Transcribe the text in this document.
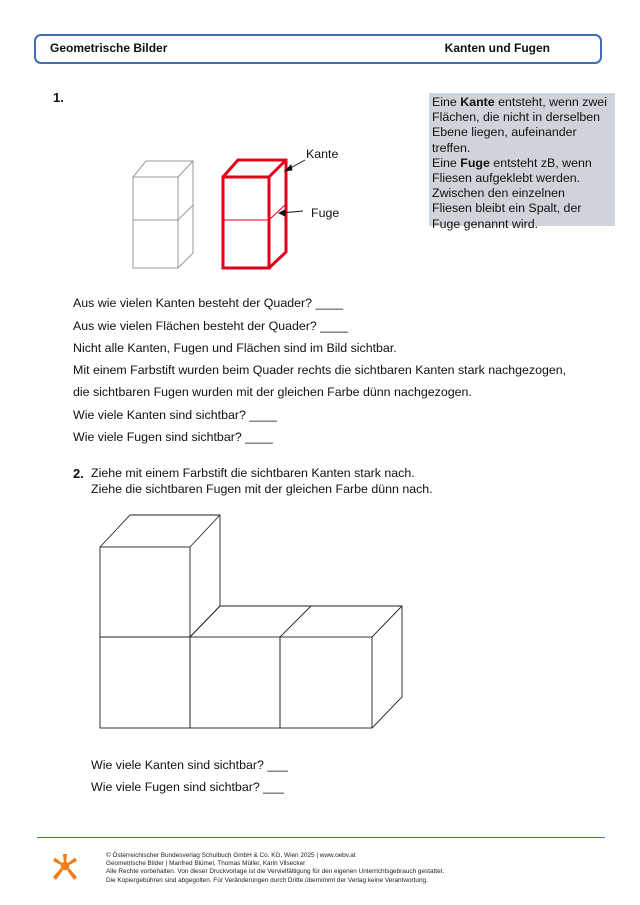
Geometrische Bilder	Kanten und Fugen
1.	Eine Kante entsteht, wenn zwei
Flächen, die nicht in derselben
Ebene liegen, aufeinander
treffen.
Eine Fuge entsteht zB, wenn
Fliesen aufgeklebt werden.
Zwischen den einzelnen
Fliesen bleibt ein Spalt, der
Fuge genannt wird.
Kante
Fuge
Aus wie vielen Kanten besteht der Quader? ____
Aus wie vielen Flächen besteht der Quader? ____
Nicht alle Kanten, Fugen und Flächen sind im Bild sichtbar.
Mit einem Farbstift wurden beim Quader rechts die sichtbaren Kanten stark nachgezogen,
die sichtbaren Fugen wurden mit der gleichen Farbe dünn nachgezogen.
Wie viele Kanten sind sichtbar? ____
Wie viele Fugen sind sichtbar? ____
2. Ziehe mit einem Farbstift die sichtbaren Kanten stark nach.
Ziehe die sichtbaren Fugen mit der gleichen Farbe dünn nach.
Wie viele Kanten sind sichtbar? ___
Wie viele Fugen sind sichtbar? ___
© Österreichischer Bundesverlag Schulbuch GmbH & Co. KG, Wien 2025 | www.oebv.at
Geometrische Bilder | Manfred Blümel, Thomas Müller, Karin Vilsecker
Alle Rechte vorbehalten. Von dieser Druckvorlage ist die Vervielfältigung für den eigenen Unterrichtsgebrauch gestattet.
Die Kopiergebühren sind abgegolten. Für Veränderungen durch Dritte übernimmt der Verlag keine Verantwortung.
